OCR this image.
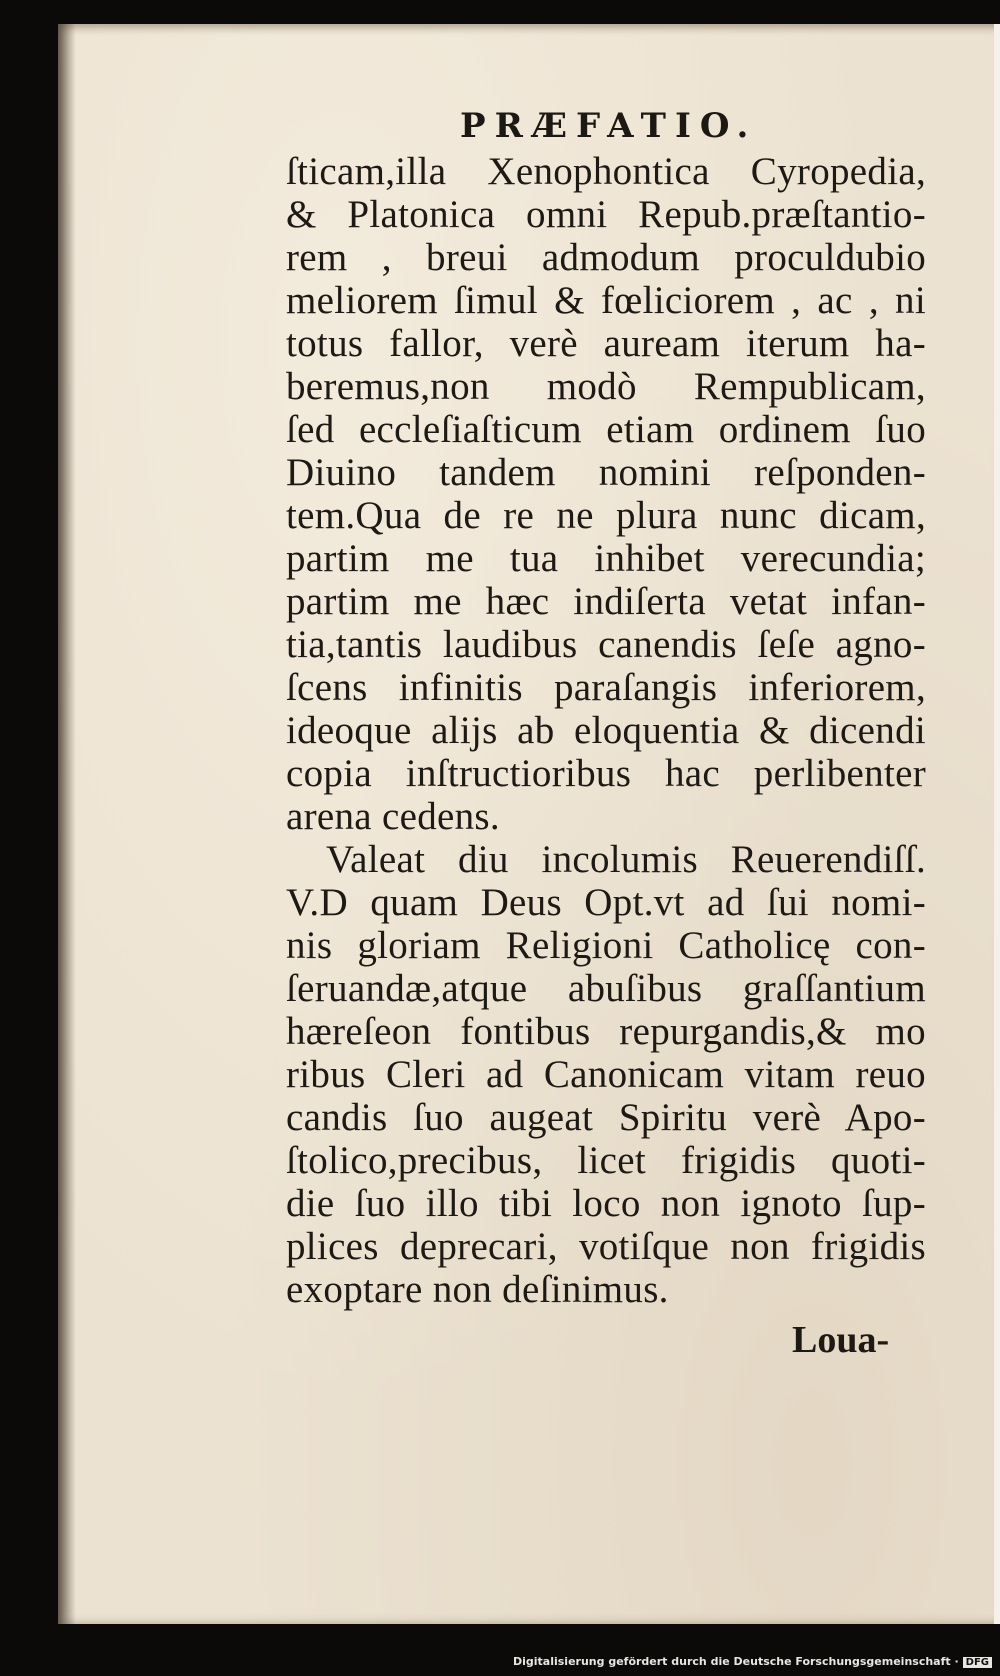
PRÆFATIO.
ſticam,illa Xenophontica Cyropedia,
& Platonica omni Repub.præſtantio-
rem , breui admodum proculdubio
meliorem ſimul & fœliciorem , ac , ni
totus fallor, verè auream iterum ha-
beremus,non modò Rempublicam,
ſed eccleſiaſticum etiam ordinem ſuo
Diuino tandem nomini reſponden-
tem.Qua de re ne plura nunc dicam,
partim me tua inhibet verecundia;
partim me hæc indiſerta vetat infan-
tia,tantis laudibus canendis ſeſe agno-
ſcens infinitis paraſangis inferiorem,
ideoque alijs ab eloquentia & dicendi
copia inſtructioribus hac perlibenter
arena cedens.
Valeat diu incolumis Reuerendiſſ.
V.D quam Deus Opt.vt ad ſui nomi-
nis gloriam Religioni Catholicę con-
ſeruandæ,atque abuſibus graſſantium
hæreſeon fontibus repurgandis,& mo
ribus Cleri ad Canonicam vitam reuo
candis ſuo augeat Spiritu verè Apo-
ſtolico,precibus, licet frigidis quoti-
die ſuo illo tibi loco non ignoto ſup-
plices deprecari, votiſque non frigidis
exoptare non deſinimus.
Loua-
Digitalisierung gefördert durch die Deutsche Forschungsgemeinschaft · DFG
